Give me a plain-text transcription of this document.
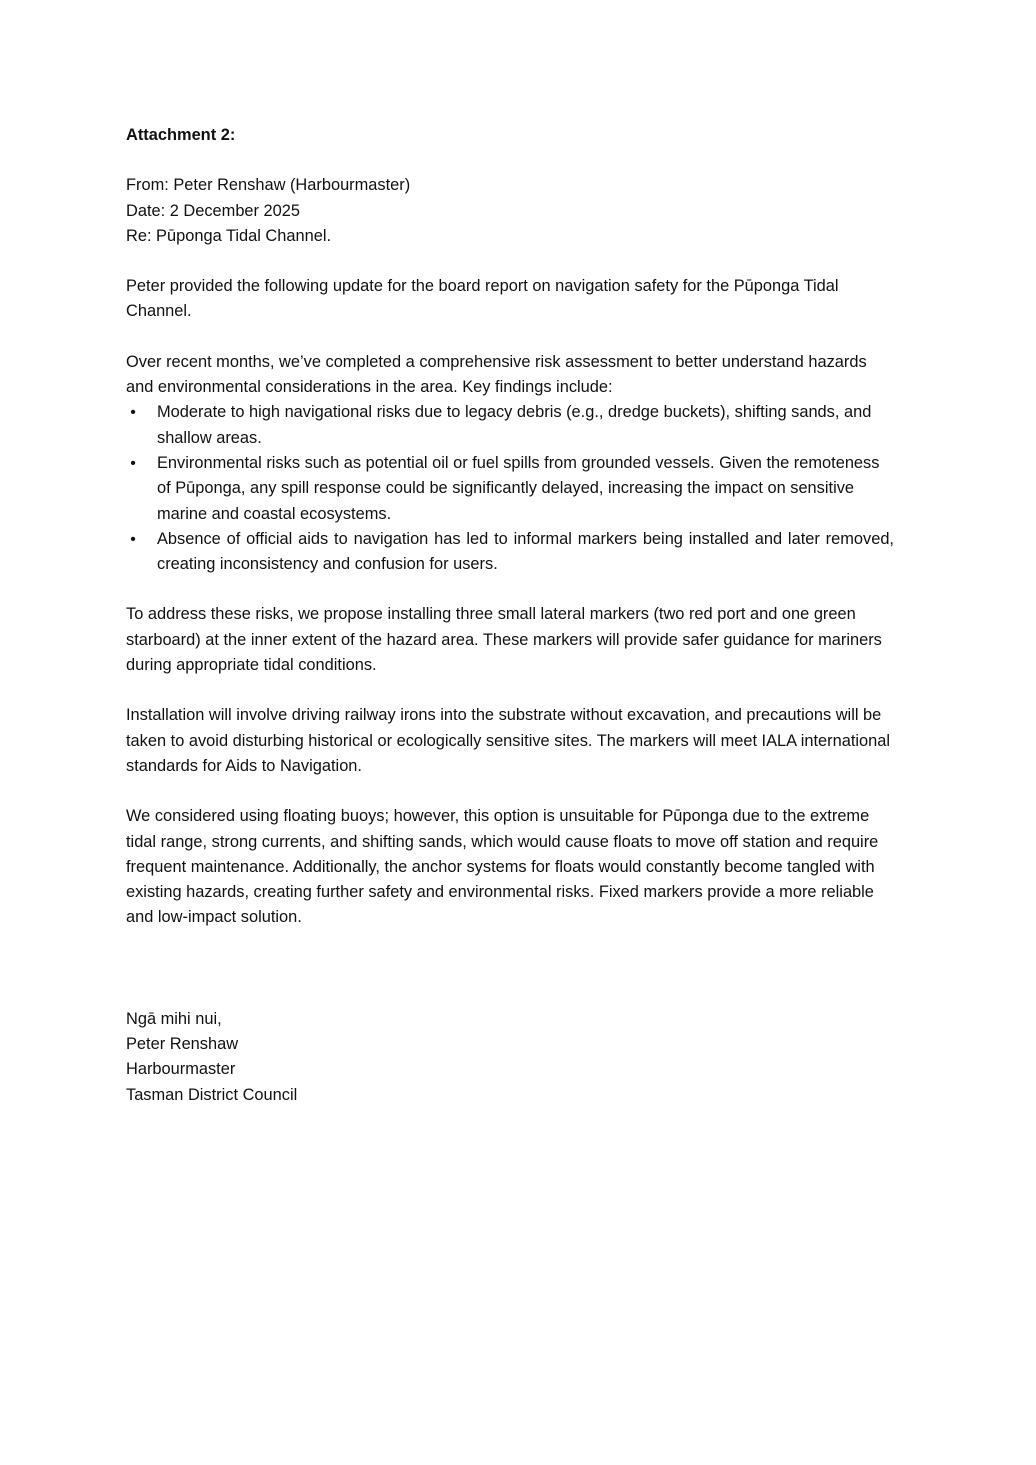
Attachment 2:

From: Peter Renshaw (Harbourmaster)
Date: 2 December 2025
Re: Pūponga Tidal Channel.

Peter provided the following update for the board report on navigation safety for the Pūponga Tidal Channel.

Over recent months, we’ve completed a comprehensive risk assessment to better understand hazards and environmental considerations in the area. Key findings include:

• Moderate to high navigational risks due to legacy debris (e.g., dredge buckets), shifting sands, and shallow areas.
• Environmental risks such as potential oil or fuel spills from grounded vessels. Given the remoteness of Pūponga, any spill response could be significantly delayed, increasing the impact on sensitive marine and coastal ecosystems.
• Absence of official aids to navigation has led to informal markers being installed and later removed, creating inconsistency and confusion for users.

To address these risks, we propose installing three small lateral markers (two red port and one green starboard) at the inner extent of the hazard area. These markers will provide safer guidance for mariners during appropriate tidal conditions.

Installation will involve driving railway irons into the substrate without excavation, and precautions will be taken to avoid disturbing historical or ecologically sensitive sites. The markers will meet IALA international standards for Aids to Navigation.

We considered using floating buoys; however, this option is unsuitable for Pūponga due to the extreme tidal range, strong currents, and shifting sands, which would cause floats to move off station and require frequent maintenance. Additionally, the anchor systems for floats would constantly become tangled with existing hazards, creating further safety and environmental risks. Fixed markers provide a more reliable and low-impact solution.

Ngā mihi nui,
Peter Renshaw
Harbourmaster
Tasman District Council
